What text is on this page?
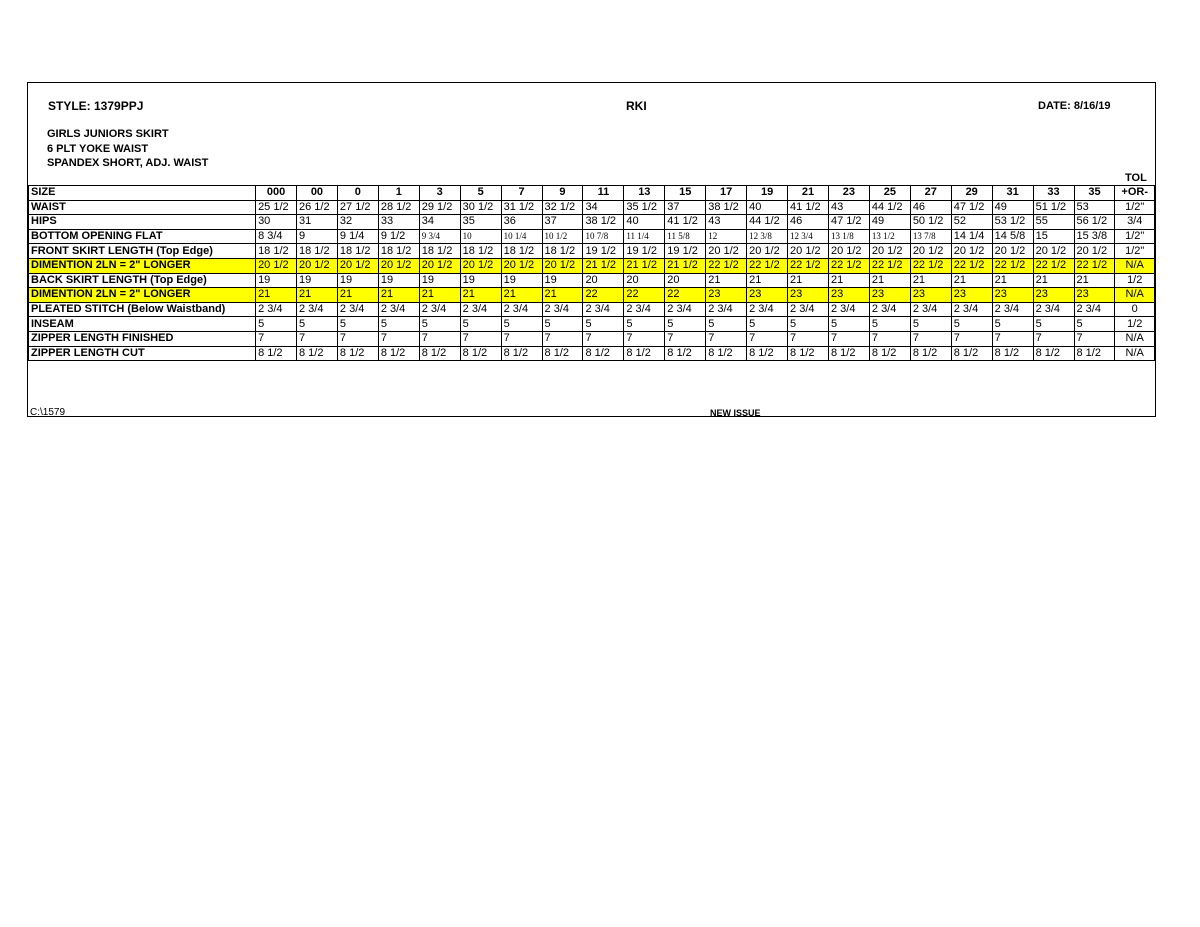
STYLE: 1379PPJ	RKI	DATE: 8/16/19
GIRLS JUNIORS SKIRT
6 PLT YOKE WAIST
SPANDEX SHORT, ADJ. WAIST
TOL
SIZE	000	00	0	1	3	5	7	9	11	13	15	17	19	21	23	25	27	29	31	33	35	+OR-
WAIST	25 1/2	26 1/2	27 1/2	28 1/2	29 1/2	30 1/2	31 1/2	32 1/2	34	35 1/2	37	38 1/2	40	41 1/2	43	44 1/2	46	47 1/2	49	51 1/2	53	1/2"
HIPS	30	31	32	33	34	35	36	37	38 1/2	40	41 1/2	43	44 1/2	46	47 1/2	49	50 1/2	52	53 1/2	55	56 1/2	3/4
BOTTOM OPENING FLAT	8 3/4	9	9 1/4	9 1/2	9 3/4	10	10 1/4	10 1/2	10 7/8	11 1/4	11 5/8	12	12 3/8	12 3/4	13 1/8	13 1/2	13 7/8	14 1/4	14 5/8	15	15 3/8	1/2"
FRONT SKIRT LENGTH (Top Edge)	18 1/2	18 1/2	18 1/2	18 1/2	18 1/2	18 1/2	18 1/2	18 1/2	19 1/2	19 1/2	19 1/2	20 1/2	20 1/2	20 1/2	20 1/2	20 1/2	20 1/2	20 1/2	20 1/2	20 1/2	20 1/2	1/2"
DIMENTION 2LN = 2" LONGER	20 1/2	20 1/2	20 1/2	20 1/2	20 1/2	20 1/2	20 1/2	20 1/2	21 1/2	21 1/2	21 1/2	22 1/2	22 1/2	22 1/2	22 1/2	22 1/2	22 1/2	22 1/2	22 1/2	22 1/2	22 1/2	N/A
BACK SKIRT LENGTH (Top Edge)	19	19	19	19	19	19	19	19	20	20	20	21	21	21	21	21	21	21	21	21	21	1/2
DIMENTION 2LN = 2" LONGER	21	21	21	21	21	21	21	21	22	22	22	23	23	23	23	23	23	23	23	23	23	N/A
PLEATED STITCH (Below Waistband)	2 3/4	2 3/4	2 3/4	2 3/4	2 3/4	2 3/4	2 3/4	2 3/4	2 3/4	2 3/4	2 3/4	2 3/4	2 3/4	2 3/4	2 3/4	2 3/4	2 3/4	2 3/4	2 3/4	2 3/4	2 3/4	0
INSEAM	5	5	5	5	5	5	5	5	5	5	5	5	5	5	5	5	5	5	5	5	5	1/2
ZIPPER LENGTH FINISHED	7	7	7	7	7	7	7	7	7	7	7	7	7	7	7	7	7	7	7	7	7	N/A
ZIPPER LENGTH CUT	8 1/2	8 1/2	8 1/2	8 1/2	8 1/2	8 1/2	8 1/2	8 1/2	8 1/2	8 1/2	8 1/2	8 1/2	8 1/2	8 1/2	8 1/2	8 1/2	8 1/2	8 1/2	8 1/2	8 1/2	8 1/2	N/A
C:\1579	NEW ISSUE
